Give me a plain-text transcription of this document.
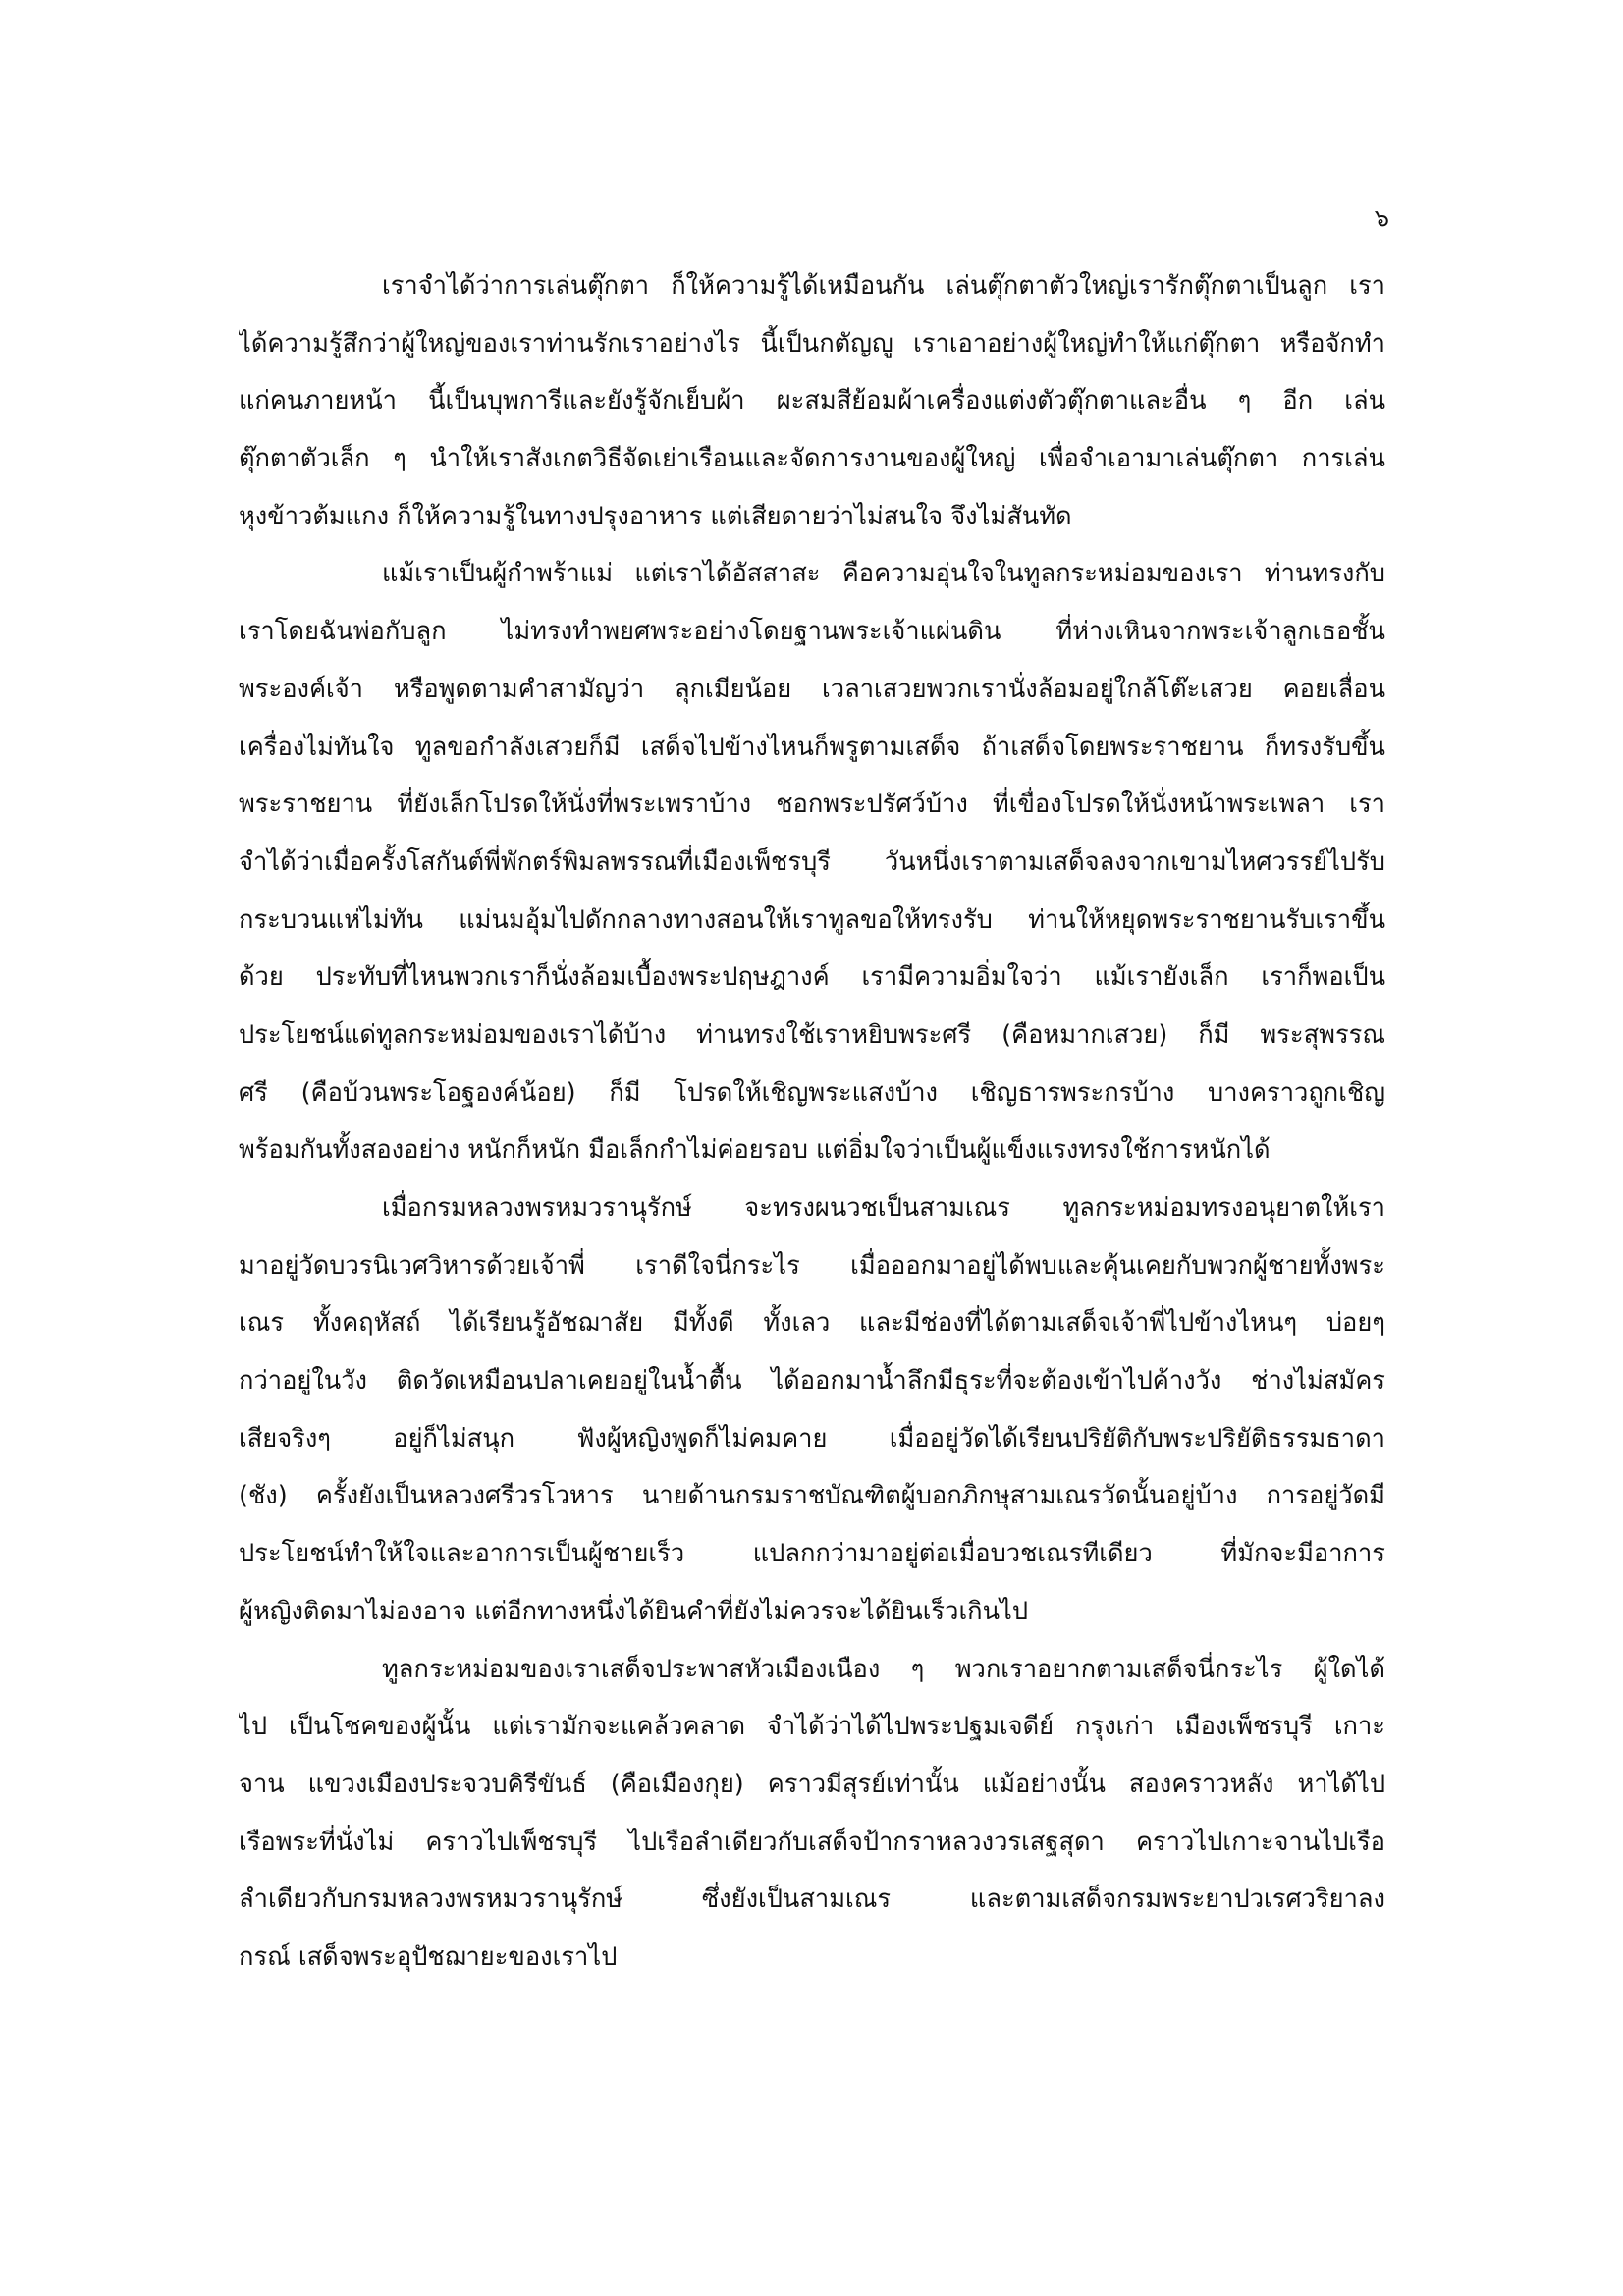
๖
เราจำได้ว่าการเล่นตุ๊กตา ก็ให้ความรู้ได้เหมือนกัน เล่นตุ๊กตาตัวใหญ่เรารักตุ๊กตาเป็นลูก เรา
ได้ความรู้สึกว่าผู้ใหญ่ของเราท่านรักเราอย่างไร นี้เป็นกตัญญู เราเอาอย่างผู้ใหญ่ทำให้แก่ตุ๊กตา หรือจักทำ
แก่คนภายหน้า นี้เป็นบุพการีและยังรู้จักเย็บผ้า ผะสมสีย้อมผ้าเครื่องแต่งตัวตุ๊กตาและอื่น ๆ อีก เล่น
ตุ๊กตาตัวเล็ก ๆ นำให้เราสังเกตวิธีจัดเย่าเรือนและจัดการงานของผู้ใหญ่ เพื่อจำเอามาเล่นตุ๊กตา การเล่น
หุงข้าวต้มแกง ก็ให้ความรู้ในทางปรุงอาหาร แต่เสียดายว่าไม่สนใจ จึงไม่สันทัด
แม้เราเป็นผู้กำพร้าแม่ แต่เราได้อัสสาสะ คือความอุ่นใจในทูลกระหม่อมของเรา ท่านทรงกับ
เราโดยฉันพ่อกับลูก ไม่ทรงทำพยศพระอย่างโดยฐานพระเจ้าแผ่นดิน ที่ห่างเหินจากพระเจ้าลูกเธอชั้น
พระองค์เจ้า หรือพูดตามคำสามัญว่า ลุกเมียน้อย เวลาเสวยพวกเรานั่งล้อมอยู่ใกล้โต๊ะเสวย คอยเลื่อน
เครื่องไม่ทันใจ ทูลขอกำลังเสวยก็มี เสด็จไปข้างไหนก็พรูตามเสด็จ ถ้าเสด็จโดยพระราชยาน ก็ทรงรับขึ้น
พระราชยาน ที่ยังเล็กโปรดให้นั่งที่พระเพราบ้าง ชอกพระปรัศว์บ้าง ที่เขื่องโปรดให้นั่งหน้าพระเพลา เรา
จำได้ว่าเมื่อครั้งโสกันต์พี่พักตร์พิมลพรรณที่เมืองเพ็ชรบุรี วันหนึ่งเราตามเสด็จลงจากเขามไหศวรรย์ไปรับ
กระบวนแห่ไม่ทัน แม่นมอุ้มไปดักกลางทางสอนให้เราทูลขอให้ทรงรับ ท่านให้หยุดพระราชยานรับเราขึ้น
ด้วย ประทับที่ไหนพวกเราก็นั่งล้อมเบื้องพระปฤษฎางค์ เรามีความอิ่มใจว่า แม้เรายังเล็ก เราก็พอเป็น
ประโยชน์แด่ทูลกระหม่อมของเราได้บ้าง ท่านทรงใช้เราหยิบพระศรี (คือหมากเสวย) ก็มี พระสุพรรณ
ศรี (คือบ้วนพระโอฐองค์น้อย) ก็มี โปรดให้เชิญพระแสงบ้าง เชิญธารพระกรบ้าง บางคราวถูกเชิญ
พร้อมกันทั้งสองอย่าง หนักก็หนัก มือเล็กกำไม่ค่อยรอบ แต่อิ่มใจว่าเป็นผู้แข็งแรงทรงใช้การหนักได้
เมื่อกรมหลวงพรหมวรานุรักษ์ จะทรงผนวชเป็นสามเณร ทูลกระหม่อมทรงอนุยาตให้เรา
มาอยู่วัดบวรนิเวศวิหารด้วยเจ้าพี่ เราดีใจนี่กระไร เมื่อออกมาอยู่ได้พบและคุ้นเคยกับพวกผู้ชายทั้งพระ
เณร ทั้งคฤหัสถ์ ได้เรียนรู้อัชฌาสัย มีทั้งดี ทั้งเลว และมีช่องที่ได้ตามเสด็จเจ้าพี่ไปข้างไหนๆ บ่อยๆ
กว่าอยู่ในวัง ติดวัดเหมือนปลาเคยอยู่ในน้ำตื้น ได้ออกมาน้ำลึกมีธุระที่จะต้องเข้าไปค้างวัง ช่างไม่สมัคร
เสียจริงๆ อยู่ก็ไม่สนุก ฟังผู้หญิงพูดก็ไม่คมคาย เมื่ออยู่วัดได้เรียนปริยัติกับพระปริยัติธรรมธาดา
(ชัง) ครั้งยังเป็นหลวงศรีวรโวหาร นายด้านกรมราชบัณฑิตผู้บอกภิกษุสามเณรวัดนั้นอยู่บ้าง การอยู่วัดมี
ประโยชน์ทำให้ใจและอาการเป็นผู้ชายเร็ว แปลกกว่ามาอยู่ต่อเมื่อบวชเณรทีเดียว ที่มักจะมีอาการ
ผู้หญิงติดมาไม่องอาจ แต่อีกทางหนึ่งได้ยินคำที่ยังไม่ควรจะได้ยินเร็วเกินไป
ทูลกระหม่อมของเราเสด็จประพาสหัวเมืองเนือง ๆ พวกเราอยากตามเสด็จนี่กระไร ผู้ใดได้
ไป เป็นโชคของผู้นั้น แต่เรามักจะแคล้วคลาด จำได้ว่าได้ไปพระปฐมเจดีย์ กรุงเก่า เมืองเพ็ชรบุรี เกาะ
จาน แขวงเมืองประจวบคิรีขันธ์ (คือเมืองกุย) คราวมีสุรย์เท่านั้น แม้อย่างนั้น สองคราวหลัง หาได้ไป
เรือพระที่นั่งไม่ คราวไปเพ็ชรบุรี ไปเรือลำเดียวกับเสด็จป้ากราหลวงวรเสฐสุดา คราวไปเกาะจานไปเรือ
ลำเดียวกับกรมหลวงพรหมวรานุรักษ์ ซึ่งยังเป็นสามเณร และตามเสด็จกรมพระยาปวเรศวริยาลง
กรณ์ เสด็จพระอุปัชฌายะของเราไป
